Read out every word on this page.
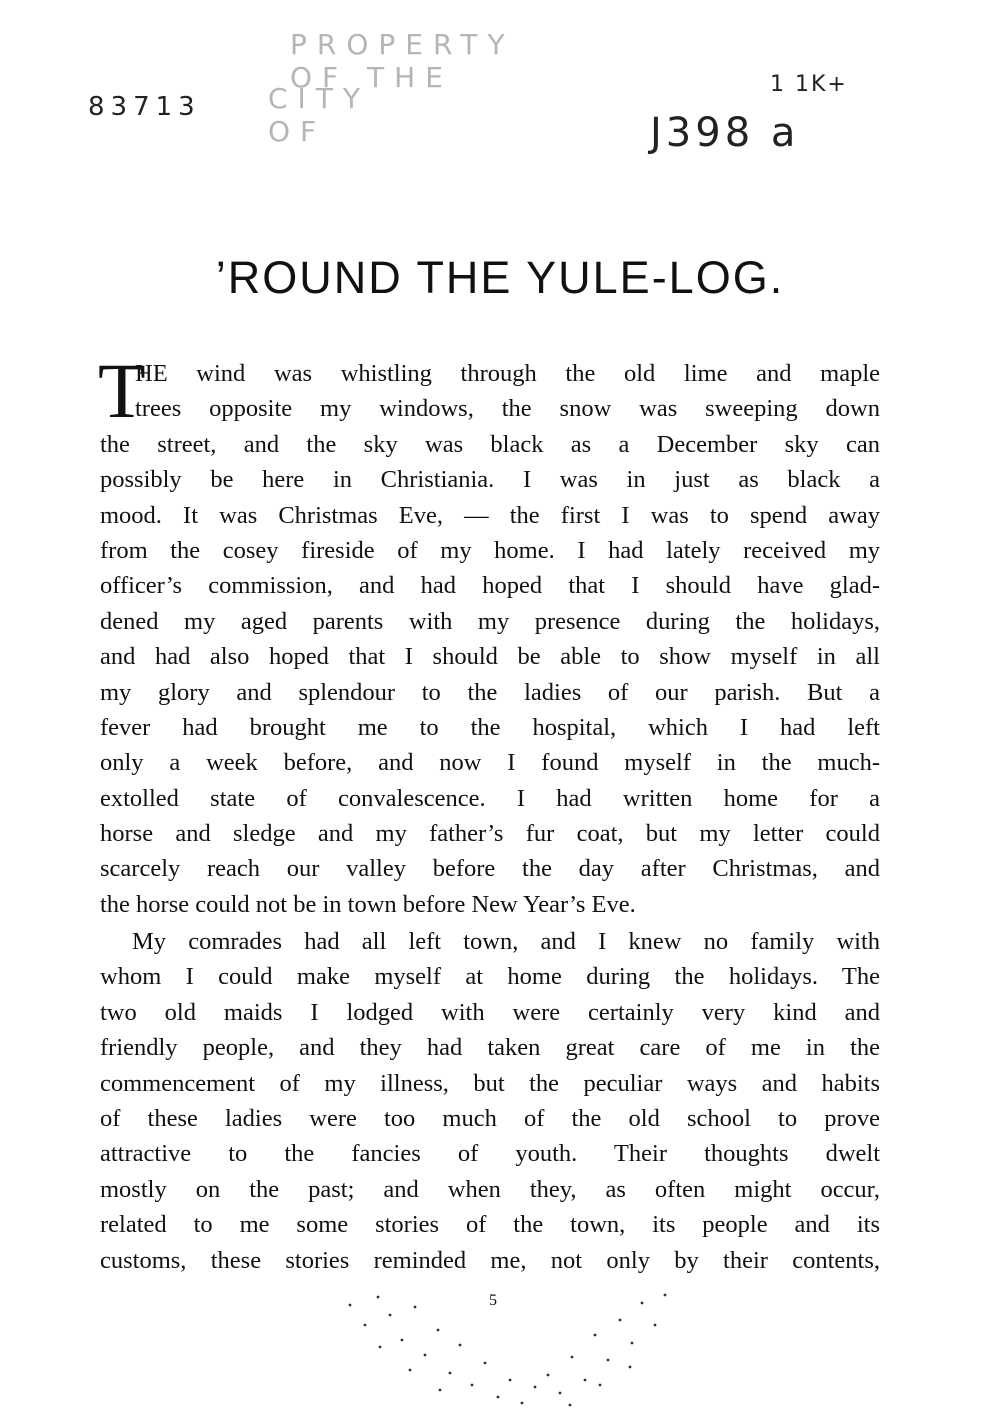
PROPERTY OF THE
CITY OF
83713
1 1K+
J398 a
’ROUND THE YULE-LOG.
T
HE wind was whistling through the old lime and maple
trees opposite my windows, the snow was sweeping down
the street, and the sky was black as a December sky can
possibly be here in Christiania. I was in just as black a
mood. It was Christmas Eve, — the first I was to spend away
from the cosey fireside of my home. I had lately received my
officer’s commission, and had hoped that I should have glad-
dened my aged parents with my presence during the holidays,
and had also hoped that I should be able to show myself in all
my glory and splendour to the ladies of our parish. But a
fever had brought me to the hospital, which I had left
only a week before, and now I found myself in the much-
extolled state of convalescence. I had written home for a
horse and sledge and my father’s fur coat, but my letter could
scarcely reach our valley before the day after Christmas, and
the horse could not be in town before New Year’s Eve.
My comrades had all left town, and I knew no family with
whom I could make myself at home during the holidays. The
two old maids I lodged with were certainly very kind and
friendly people, and they had taken great care of me in the
commencement of my illness, but the peculiar ways and habits
of these ladies were too much of the old school to prove
attractive to the fancies of youth. Their thoughts dwelt
mostly on the past; and when they, as often might occur,
related to me some stories of the town, its people and its
customs, these stories reminded me, not only by their contents,
5
